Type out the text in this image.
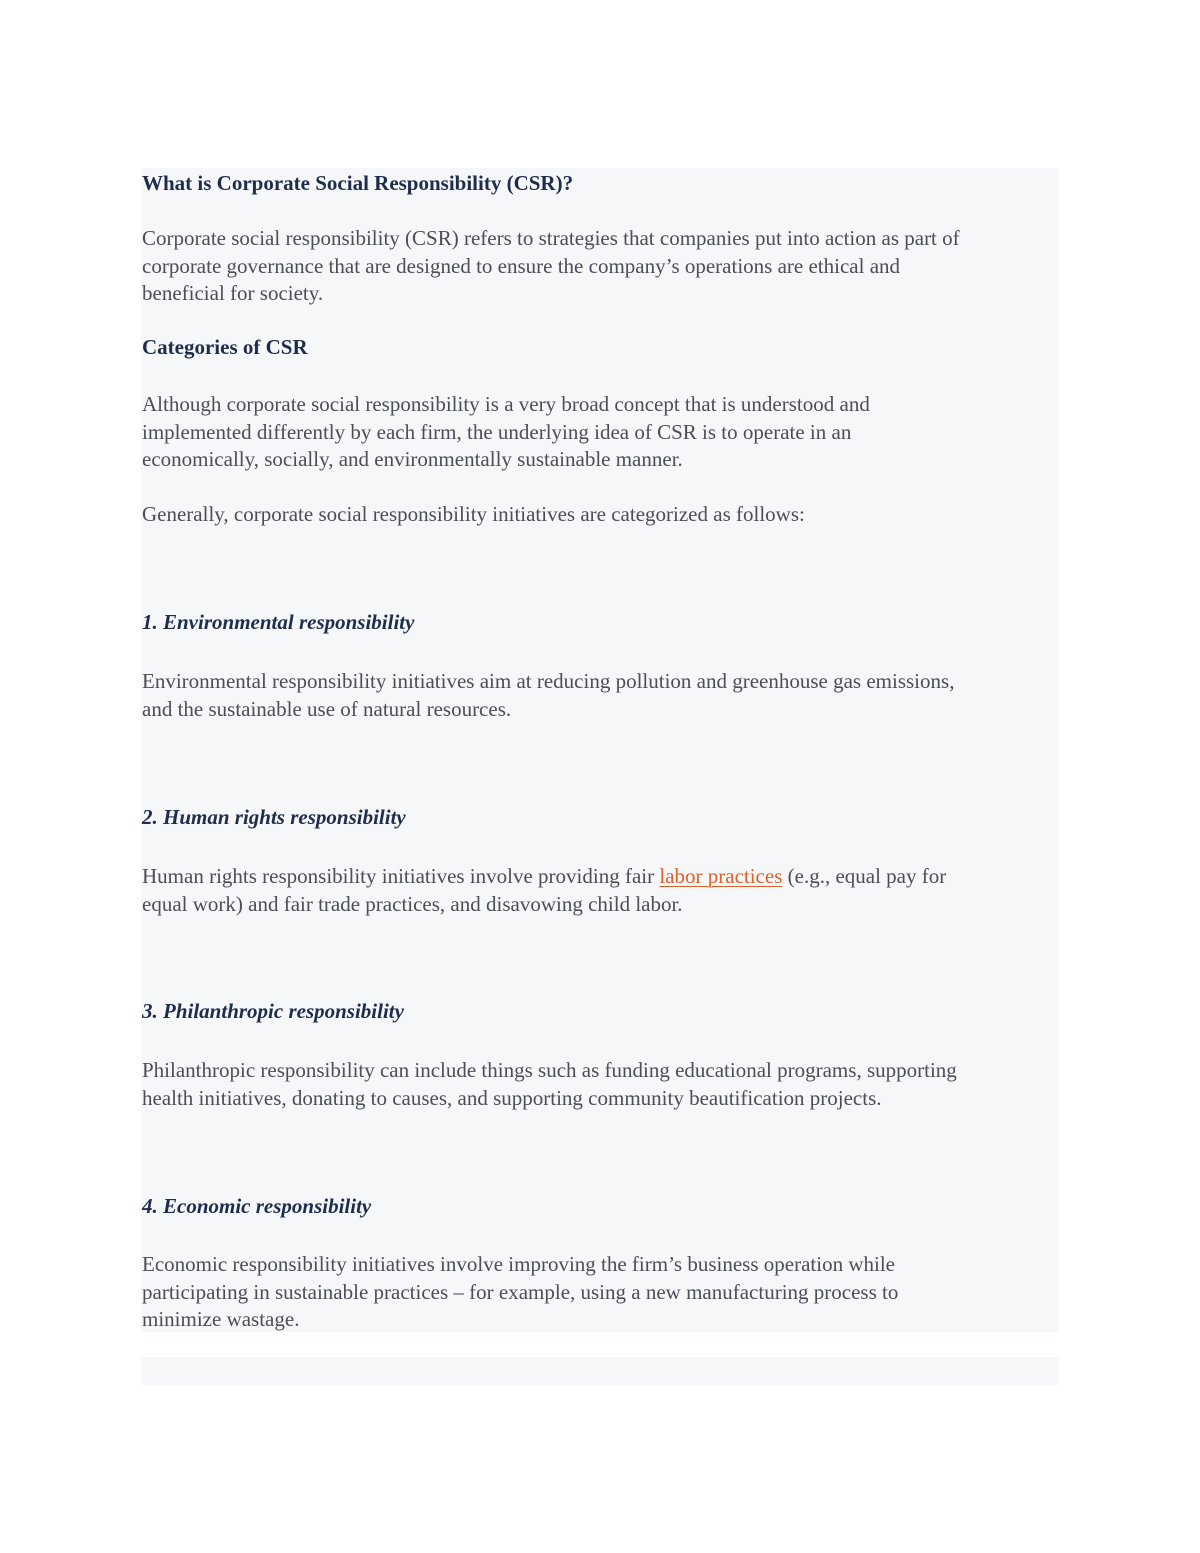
What is Corporate Social Responsibility (CSR)?

Corporate social responsibility (CSR) refers to strategies that companies put into action as part of
corporate governance that are designed to ensure the company’s operations are ethical and
beneficial for society.

Categories of CSR

Although corporate social responsibility is a very broad concept that is understood and
implemented differently by each firm, the underlying idea of CSR is to operate in an
economically, socially, and environmentally sustainable manner.

Generally, corporate social responsibility initiatives are categorized as follows:

1. Environmental responsibility

Environmental responsibility initiatives aim at reducing pollution and greenhouse gas emissions,
and the sustainable use of natural resources.

2. Human rights responsibility

Human rights responsibility initiatives involve providing fair labor practices (e.g., equal pay for
equal work) and fair trade practices, and disavowing child labor.

3. Philanthropic responsibility

Philanthropic responsibility can include things such as funding educational programs, supporting
health initiatives, donating to causes, and supporting community beautification projects.

4. Economic responsibility

Economic responsibility initiatives involve improving the firm’s business operation while
participating in sustainable practices – for example, using a new manufacturing process to
minimize wastage.
